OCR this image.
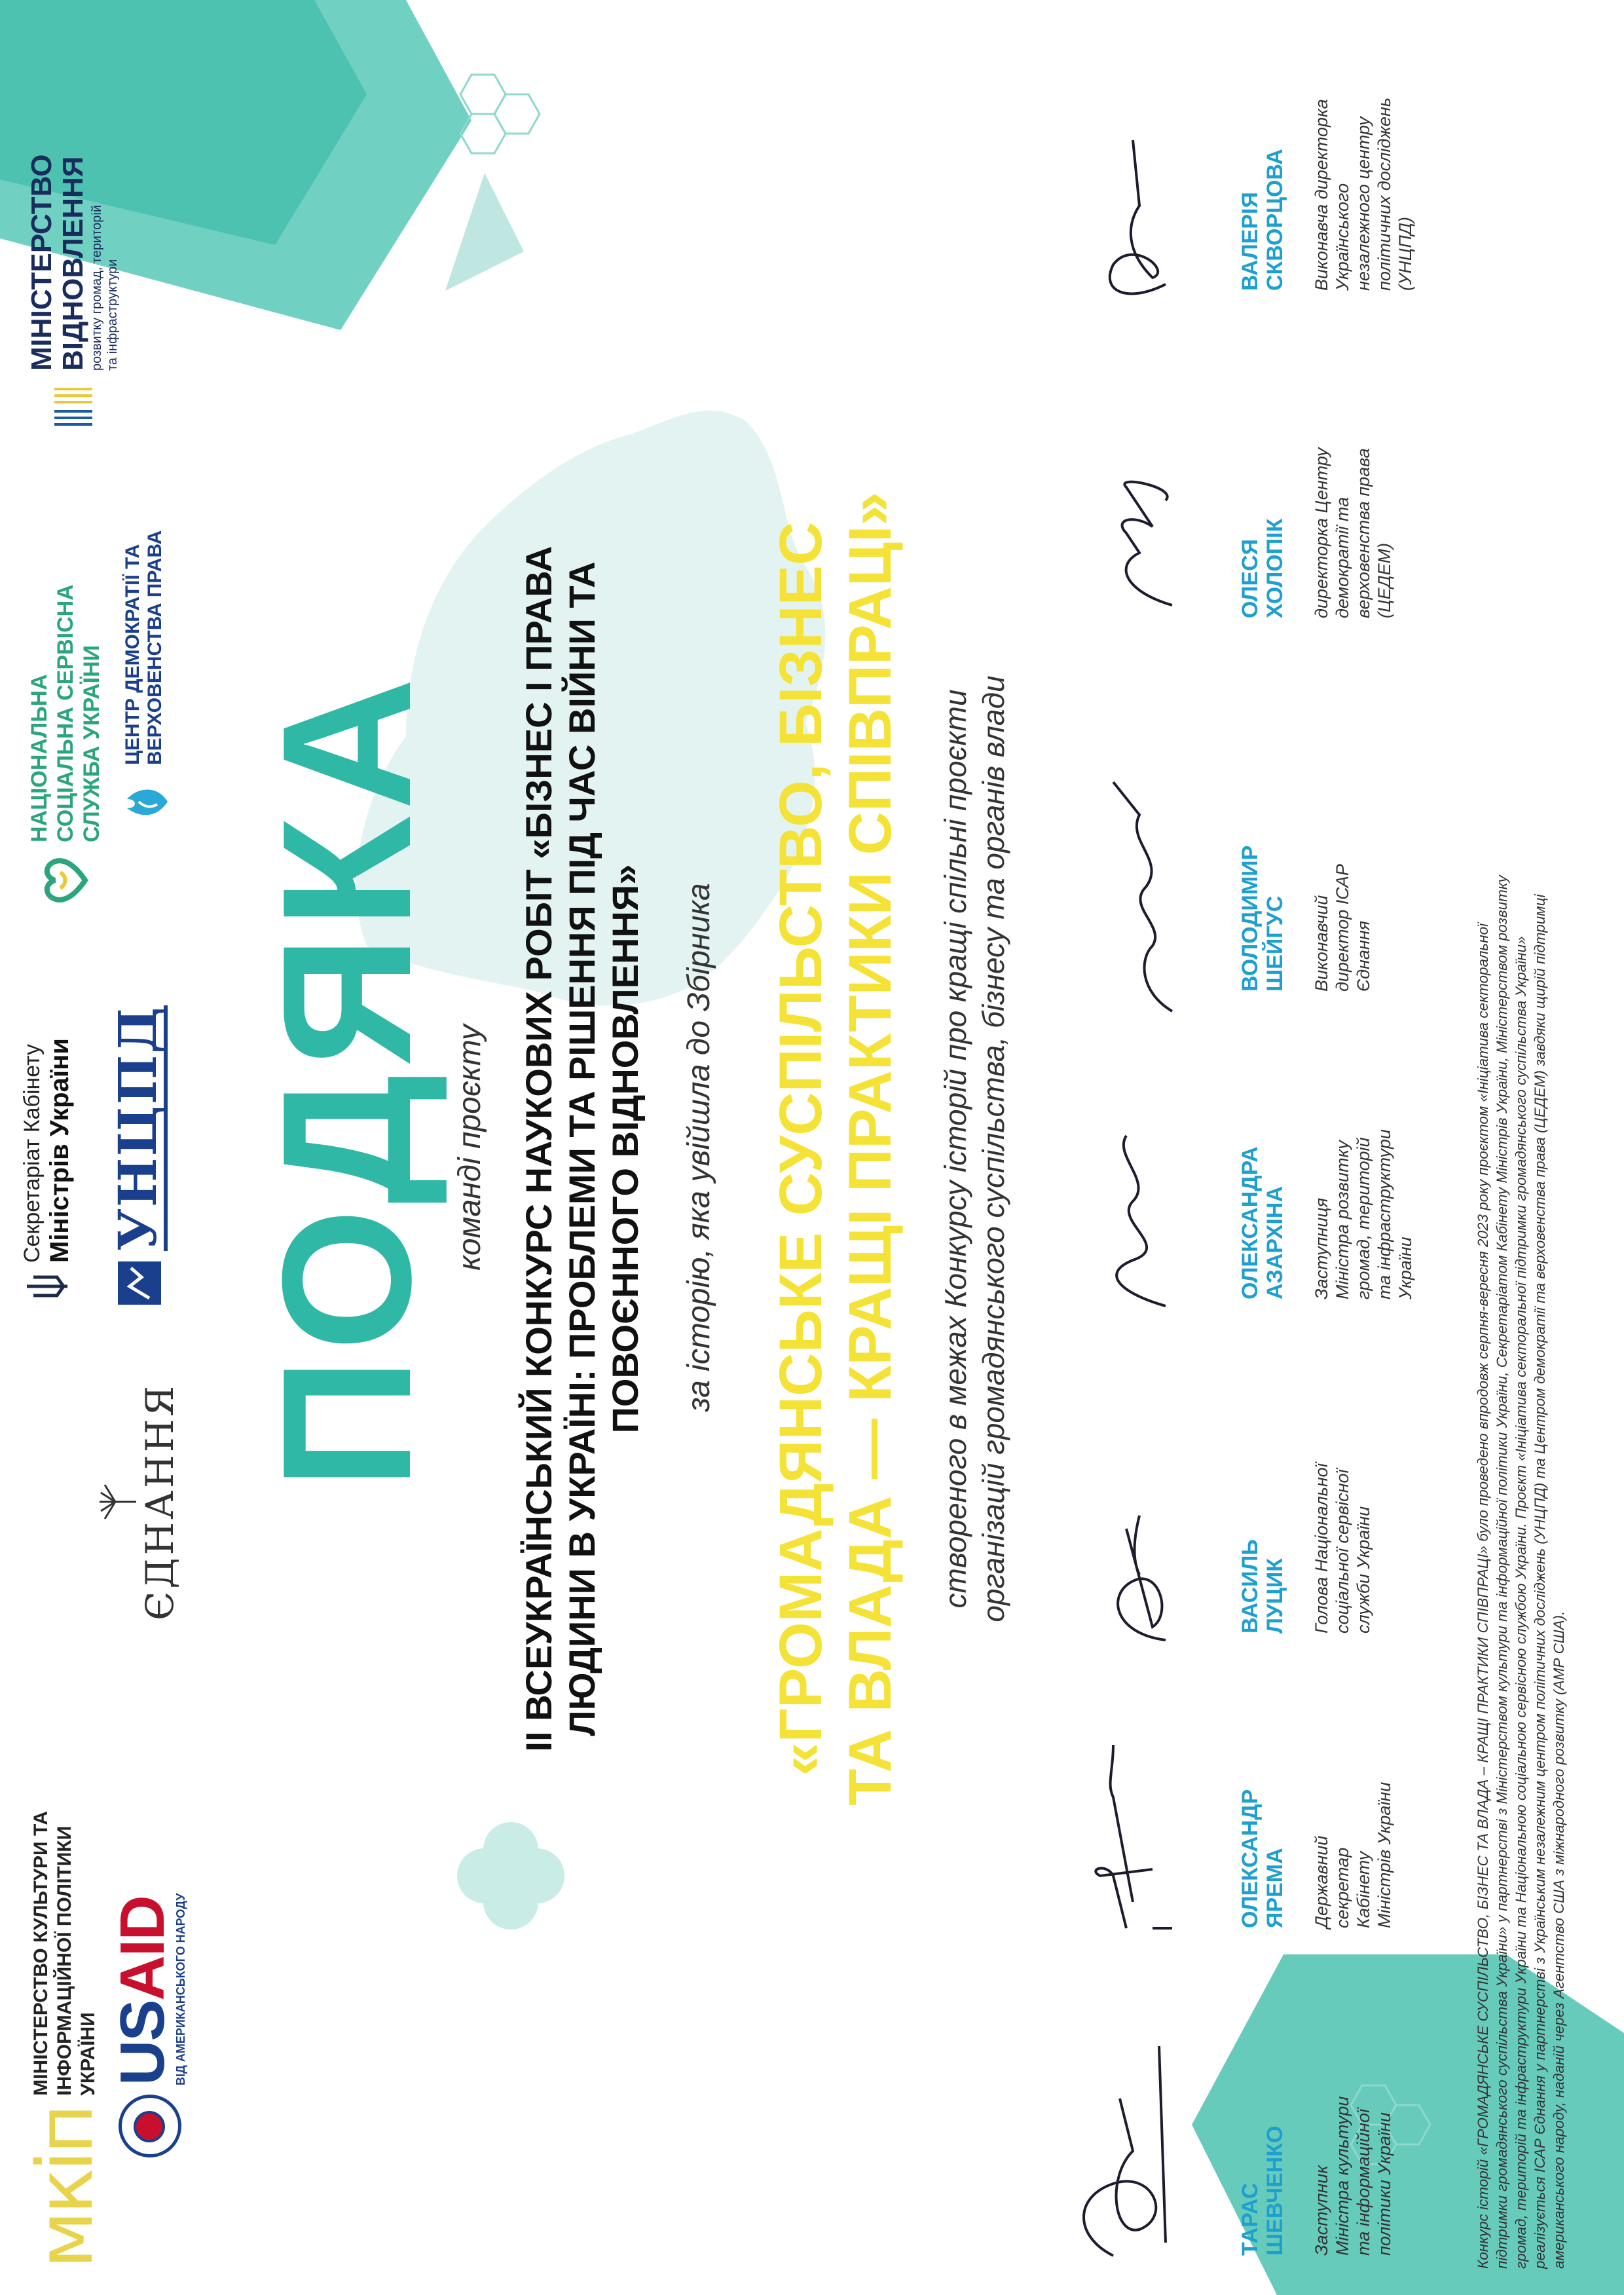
мкіп
МІНІСТЕРСТВО КУЛЬТУРИ ТА ІНФОРМАЦІЙНОЇ ПОЛІТИКИ УКРАЇНИ
Секретаріат Кабінету Міністрів України
НАЦІОНАЛЬНА СОЦІАЛЬНА СЕРВІСНА СЛУЖБА УКРАЇНИ
МІНІСТЕРСТВО ВІДНОВЛЕННЯ розвитку громад, територій та інфраструктури
USAID
ВІД АМЕРИКАНСЬКОГО НАРОДУ
ЄДНАННЯ
УНЦПД
ЦЕНТР ДЕМОКРАТІЇ ТА ВЕРХОВЕНСТВА ПРАВА
ПОДЯКА команді проєкту ІІ ВСЕУКРАЇНСЬКИЙ КОНКУРС НАУКОВИХ РОБІТ «БІЗНЕС І ПРАВА ЛЮДИНИ В УКРАЇНІ: ПРОБЛЕМИ ТА РІШЕННЯ ПІД ЧАС ВІЙНИ ТА ПОВОЄННОГО ВІДНОВЛЕННЯ» за історію, яка увійшла до Збірника «ГРОМАДЯНСЬКЕ СУСПІЛЬСТВО, БІЗНЕС ТА ВЛАДА — КРАЩІ ПРАКТИКИ СПІВПРАЦІ» створеного в межах Конкурсу історій про кращі спільні проєкти організацій громадянського суспільства, бізнесу та органів влади
ТАРАС ШЕВЧЕНКО Заступник Міністра культури та інформаційної політики України
ОЛЕКСАНДР ЯРЕМА Державний секретар Кабінету Міністрів України
ВАСИЛЬ ЛУЦИК Голова Національної соціальної сервісної служби України
ОЛЕКСАНДРА АЗАРХІНА Заступниця Міністра розвитку громад, територій та інфраструктури України
ВОЛОДИМИР ШЕЙГУС Виконавчий директор ІСАР Єднання
ОЛЕСЯ ХОЛОПІК директорка Центру демократії та верховенства права (ЦЕДЕМ)
ВАЛЕРІЯ СКВОРЦОВА Виконавча директорка Українського незалежного центру політичних досліджень (УНЦПД)
Конкурс історій «ГРОМАДЯНСЬКЕ СУСПІЛЬСТВО, БІЗНЕС ТА ВЛАДА – КРАЩІ ПРАКТИКИ СПІВПРАЦІ» було проведено впродовж серпня-вересня 2023 року проєктом «Ініціатива секторальної підтримки громадянського суспільства України» у партнерстві з Міністерством культури та інформаційної політики України, Секретаріатом Кабінету Міністрів України, Міністерством розвитку громад, територій та інфраструктури України та Національною соціальною сервісною службою України. Проєкт «Ініціатива секторальної підтримки громадянського суспільства України» реалізується ІСАР Єднання у партнерстві з Українським незалежним центром політичних досліджень (УНЦПД) та Центром демократії та верховенства права (ЦЕДЕМ) завдяки щирій підтримці американського народу, наданій через Агентство США з міжнародного розвитку (АМР США).
